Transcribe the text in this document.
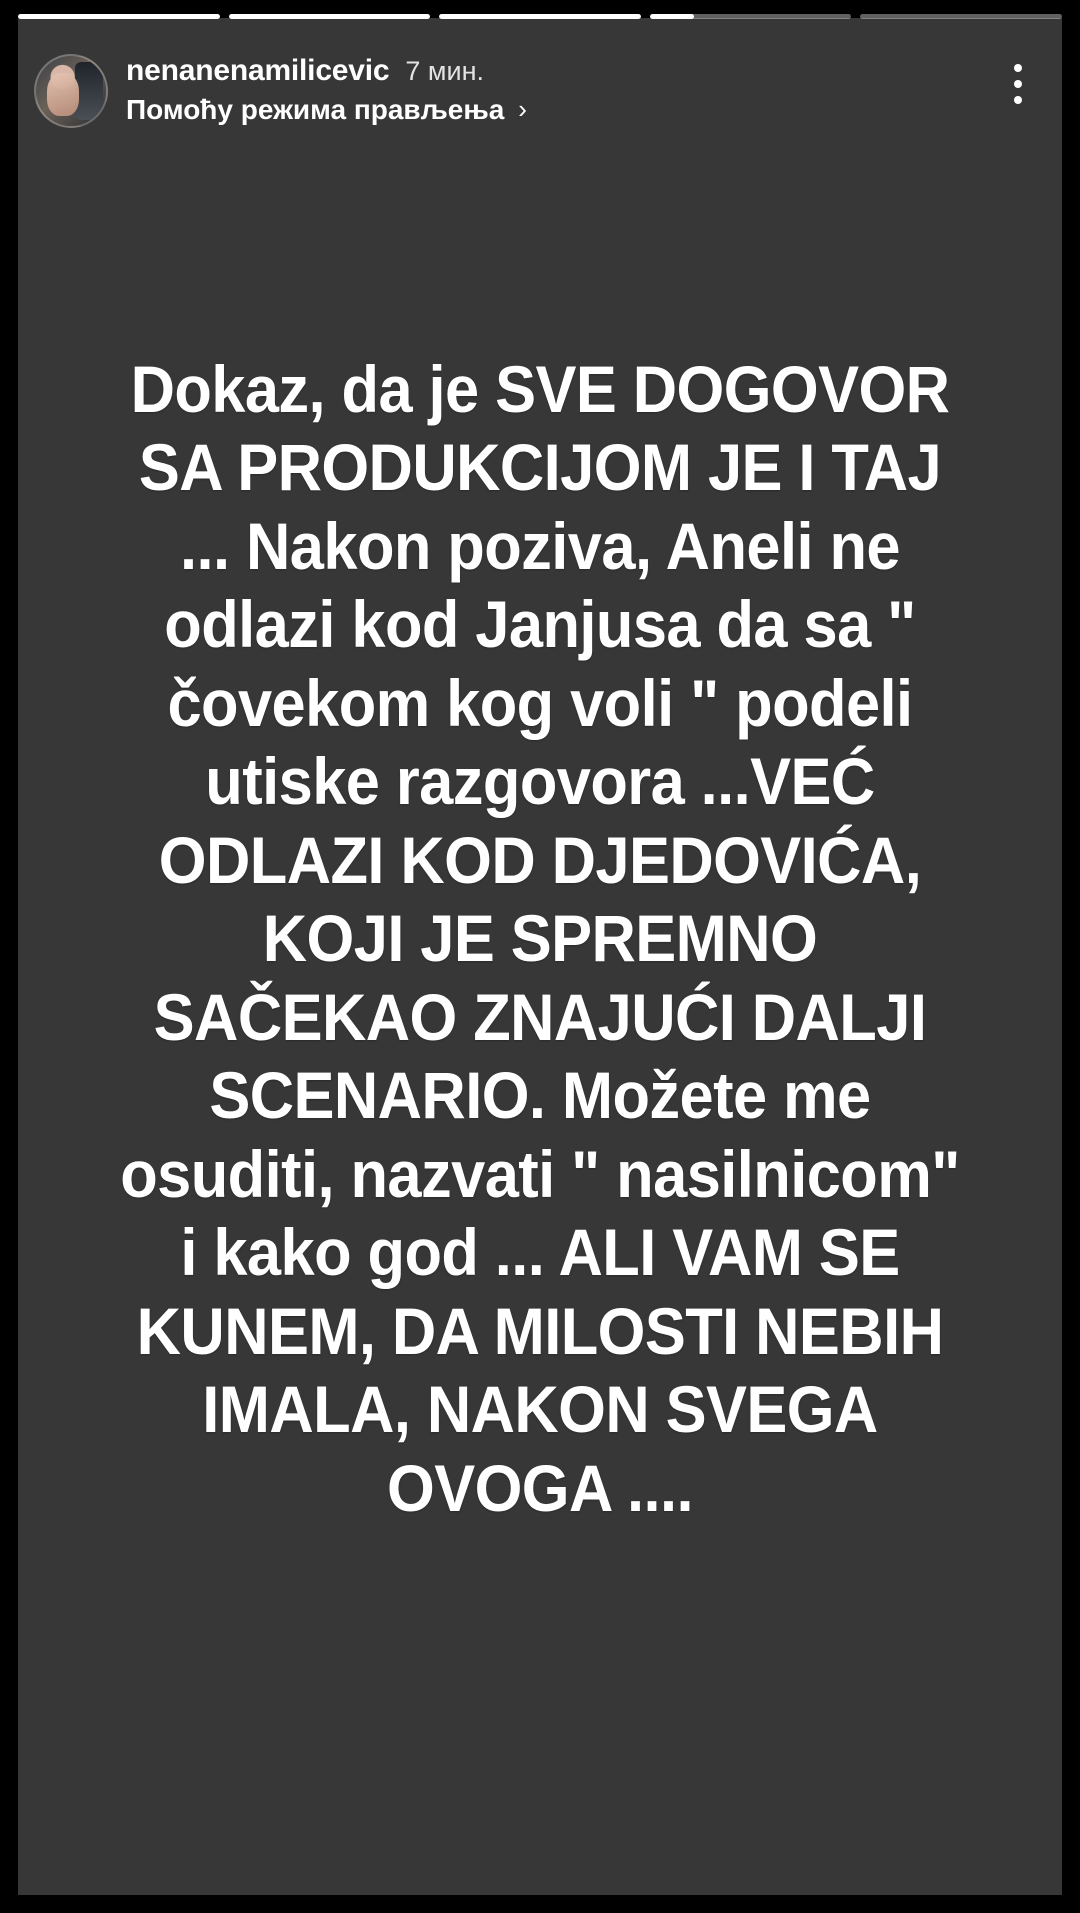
nenanenamilicevic 7 мин.
Помоћу режима прављења ›
Dokaz, da je SVE DOGOVOR SA PRODUKCIJOM JE I TAJ ... Nakon poziva, Aneli ne odlazi kod Janjusa da sa " čovekom kog voli " podeli utiske razgovora ...VEĆ ODLAZI KOD DJEDOVIĆA, KOJI JE SPREMNO SAČEKAO ZNAJUĆI DALJI SCENARIO. Možete me osuditi, nazvati " nasilnicom" i kako god ... ALI VAM SE KUNEM, DA MILOSTI NEBIH IMALA, NAKON SVEGA OVOGA ....
